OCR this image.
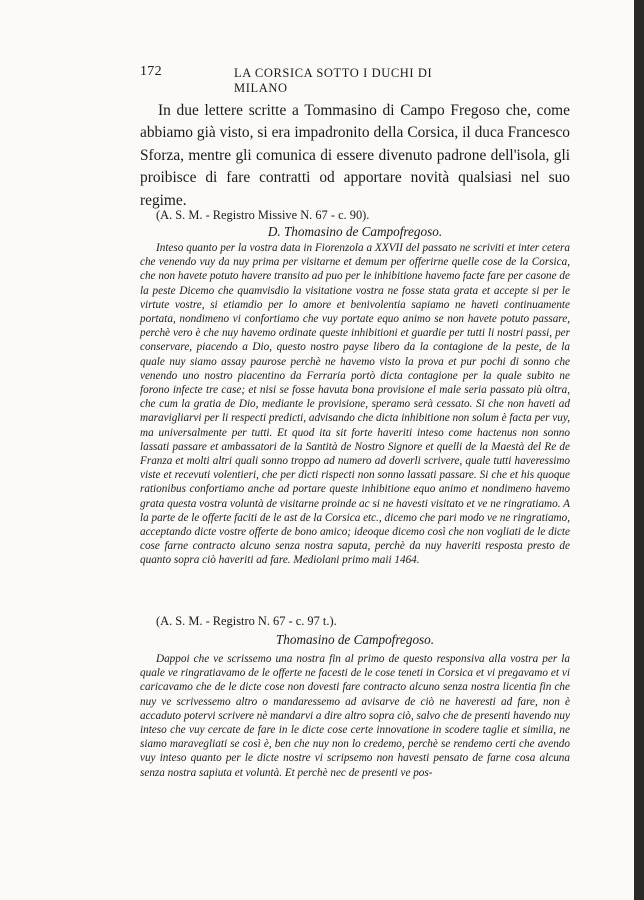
172	LA CORSICA SOTTO I DUCHI DI MILANO
In due lettere scritte a Tommasino di Campo Fregoso che, come abbiamo già visto, si era impadronito della Corsica, il duca Francesco Sforza, mentre gli comunica di essere divenuto padrone dell'isola, gli proibisce di fare contratti od apportare novità qualsiasi nel suo regime.
(A. S. M. - Registro Missive N. 67 - c. 90).
D. Thomasino de Campofregoso.
Inteso quanto per la vostra data in Fiorenzola a XXVII del passato ne scriviti et inter cetera che venendo vuy da nuy prima per visitarne et demum per offerirne quelle cose de la Corsica, che non havete potuto havere transito ad puo per le inhibitione havemo facte fare per casone de la peste Dicemo che quamvisdio la visitatione vostra ne fosse stata grata et accepte si per le virtute vostre, si etiamdio per lo amore et benivolentia sapiamo ne haveti continuamente portata, nondimeno vi confortiamo che vuy portate equo animo se non havete potuto passare, perchè vero è che nuy havemo ordinate queste inhibitioni et guardie per tutti li nostri passi, per conservare, piacendo a Dio, questo nostro payse libero da la contagione de la peste, de la quale nuy siamo assay paurose perchè ne havemo visto la prova et pur pochi di sonno che venendo uno nostro piacentino da Ferraria portò dicta contagione per la quale subito ne forono infecte tre case; et nisi se fosse havuta bona provisione el male seria passato più oltra, che cum la gratia de Dio, mediante le provisione, speramo serà cessato. Si che non haveti ad maravigliarvi per li respecti predicti, advisando che dicta inhibitione non solum è facta per vuy, ma universalmente per tutti. Et quod ita sit forte haveriti inteso come hactenus non sonno lassati passare et ambassatori de la Santità de Nostro Signore et quelli de la Maestà del Re de Franza et molti altri quali sonno troppo ad numero ad doverli scrivere, quale tutti haveressimo viste et recevuti volentieri, che per dicti rispecti non sonno lassati passare. Si che et his quoque rationibus confortiamo anche ad portare queste inhibitione equo animo et nondimeno havemo grata questa vostra voluntà de visitarne proinde ac si ne havesti visitato et ve ne ringratiamo. A la parte de le offerte faciti de le ast de la Corsica etc., dicemo che pari modo ve ne ringratiamo, acceptando dicte vostre offerte de bono amico; ideoque dicemo così che non vogliati de le dicte cose farne contracto alcuno senza nostra saputa, perchè da nuy haveriti resposta presto de quanto sopra ciò haveriti ad fare. Mediolani primo maii 1464.
(A. S. M. - Registro N. 67 - c. 97 t.).
Thomasino de Campofregoso.
Dappoi che ve scrissemo una nostra fin al primo de questo responsiva alla vostra per la quale ve ringratiavamo de le offerte ne facesti de le cose teneti in Corsica et vi pregavamo et vi caricavamo che de le dicte cose non dovesti fare contracto alcuno senza nostra licentia fin che nuy ve scrivessemo altro o mandaressemo ad avisarve de ciò ne haveresti ad fare, non è accaduto potervi scrivere nè mandarvi a dire altro sopra ciò, salvo che de presenti havendo nuy inteso che vuy cercate de fare in le dicte cose certe innovatione in scodere taglie et similia, ne siamo maravegliati se così è, ben che nuy non lo credemo, perchè se rendemo certi che avendo vuy inteso quanto per le dicte nostre vi scripsemo non havesti pensato de farne cosa alcuna senza nostra sapiuta et voluntà. Et perchè nec de presenti ve pos-
